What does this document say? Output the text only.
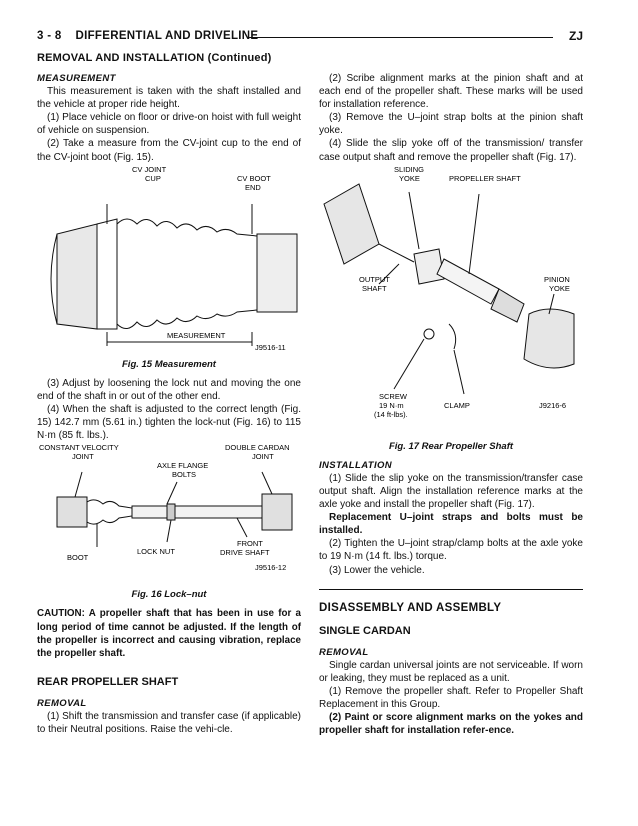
3 - 8 DIFFERENTIAL AND DRIVELINE	ZJ
REMOVAL AND INSTALLATION (Continued)

MEASUREMENT

This measurement is taken with the shaft installed and the vehicle at proper ride height.

(1) Place vehicle on floor or drive-on hoist with full weight of vehicle on suspension.

(2) Take a measure from the CV-joint cup to the end of the CV-joint boot (Fig. 15).

CV JOINT
CUP	CV BOOT
END
MEASUREMENT
J9516-11

Fig. 15 Measurement

(3) Adjust by loosening the lock nut and moving the one end of the shaft in or out of the other end.

(4) When the shaft is adjusted to the correct length (Fig. 15) 142.7 mm (5.61 in.) tighten the lock-nut (Fig. 16) to 115 N·m (85 ft. lbs.).

CONSTANT VELOCITY
JOINT
AXLE FLANGE
BOLTS
DOUBLE CARDAN
JOINT
BOOT
LOCK NUT
FRONT
DRIVE SHAFT
J9516-12

Fig. 16 Lock–nut

CAUTION: A propeller shaft that has been in use for a long period of time cannot be adjusted. If the length of the propeller is incorrect and causing vibration, replace the propeller shaft.

REAR PROPELLER SHAFT

REMOVAL

(1) Shift the transmission and transfer case (if applicable) to their Neutral positions. Raise the vehi-cle.

(2) Scribe alignment marks at the pinion shaft and at each end of the propeller shaft. These marks will be used for installation reference.

(3) Remove the U–joint strap bolts at the pinion shaft yoke.

(4) Slide the slip yoke off of the transmission/ transfer case output shaft and remove the propeller shaft (Fig. 17).

SLIDING
YOKE	PROPELLER SHAFT
OUTPUT
SHAFT
PINION
YOKE
SCREW
19 N·m
(14 ft-lbs).
CLAMP	J9216-6

Fig. 17 Rear Propeller Shaft

INSTALLATION

(1) Slide the slip yoke on the transmission/transfer case output shaft. Align the installation reference marks at the axle yoke and install the propeller shaft (Fig. 17).

Replacement U–joint straps and bolts must be installed.

(2) Tighten the U–joint strap/clamp bolts at the axle yoke to 19 N·m (14 ft. lbs.) torque.

(3) Lower the vehicle.

DISASSEMBLY AND ASSEMBLY

SINGLE CARDAN

REMOVAL

Single cardan universal joints are not serviceable. If worn or leaking, they must be replaced as a unit.

(1) Remove the propeller shaft. Refer to Propeller Shaft Replacement in this Group.

(2) Paint or score alignment marks on the yokes and propeller shaft for installation refer-ence.
